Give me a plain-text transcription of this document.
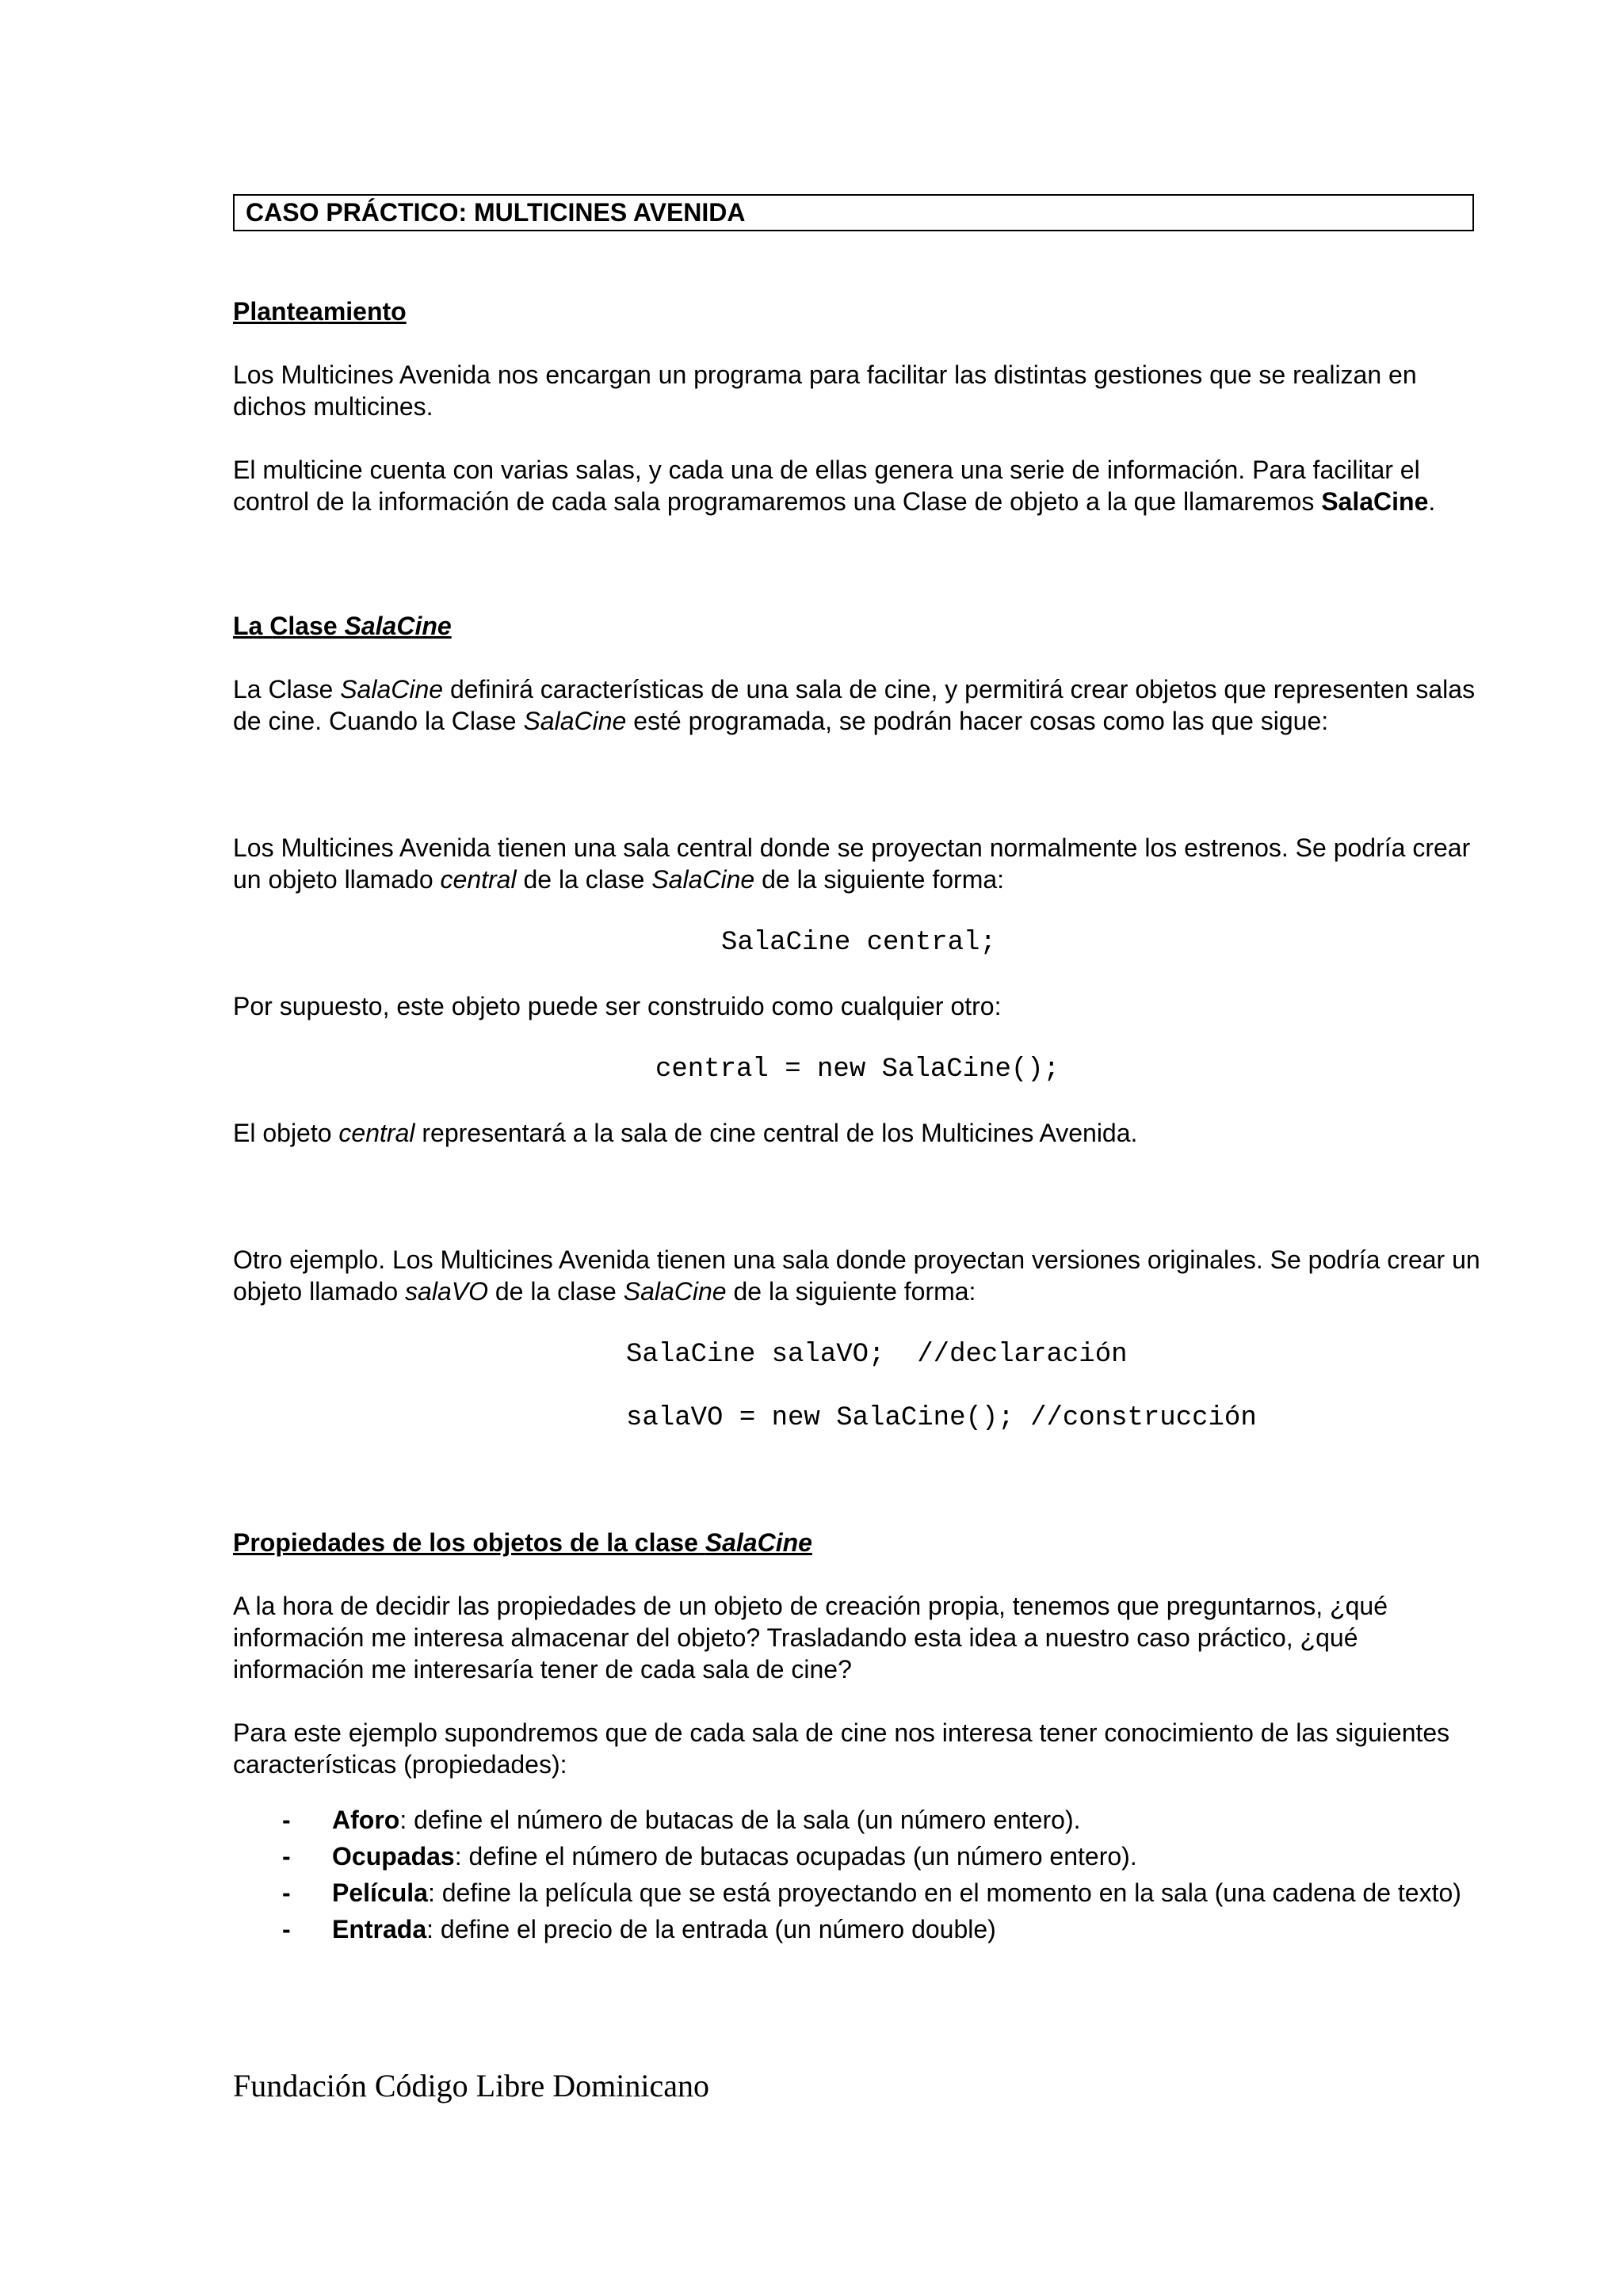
CASO PRÁCTICO: MULTICINES AVENIDA
Planteamiento

Los Multicines Avenida nos encargan un programa para facilitar las distintas gestiones que se realizan en dichos multicines.

El multicine cuenta con varias salas, y cada una de ellas genera una serie de información. Para facilitar el control de la información de cada sala programaremos una Clase de objeto a la que llamaremos SalaCine.

La Clase SalaCine

La Clase SalaCine definirá características de una sala de cine, y permitirá crear objetos que representen salas de cine. Cuando la Clase SalaCine esté programada, se podrán hacer cosas como las que sigue:

Los Multicines Avenida tienen una sala central donde se proyectan normalmente los estrenos. Se podría crear un objeto llamado central de la clase SalaCine de la siguiente forma:

SalaCine central;

Por supuesto, este objeto puede ser construido como cualquier otro:

central = new SalaCine();

El objeto central representará a la sala de cine central de los Multicines Avenida.

Otro ejemplo. Los Multicines Avenida tienen una sala donde proyectan versiones originales. Se podría crear un objeto llamado salaVO de la clase SalaCine de la siguiente forma:

SalaCine salaVO;  //declaración
salaVO = new SalaCine(); //construcción
Propiedades de los objetos de la clase SalaCine

A la hora de decidir las propiedades de un objeto de creación propia, tenemos que preguntarnos, ¿qué información me interesa almacenar del objeto? Trasladando esta idea a nuestro caso práctico, ¿qué información me interesaría tener de cada sala de cine?

Para este ejemplo supondremos que de cada sala de cine nos interesa tener conocimiento de las siguientes características (propiedades):

- Aforo: define el número de butacas de la sala (un número entero).
- Ocupadas: define el número de butacas ocupadas (un número entero).
- Película: define la película que se está proyectando en el momento en la sala (una cadena de texto)
- Entrada: define el precio de la entrada (un número double)
Fundación Código Libre Dominicano
